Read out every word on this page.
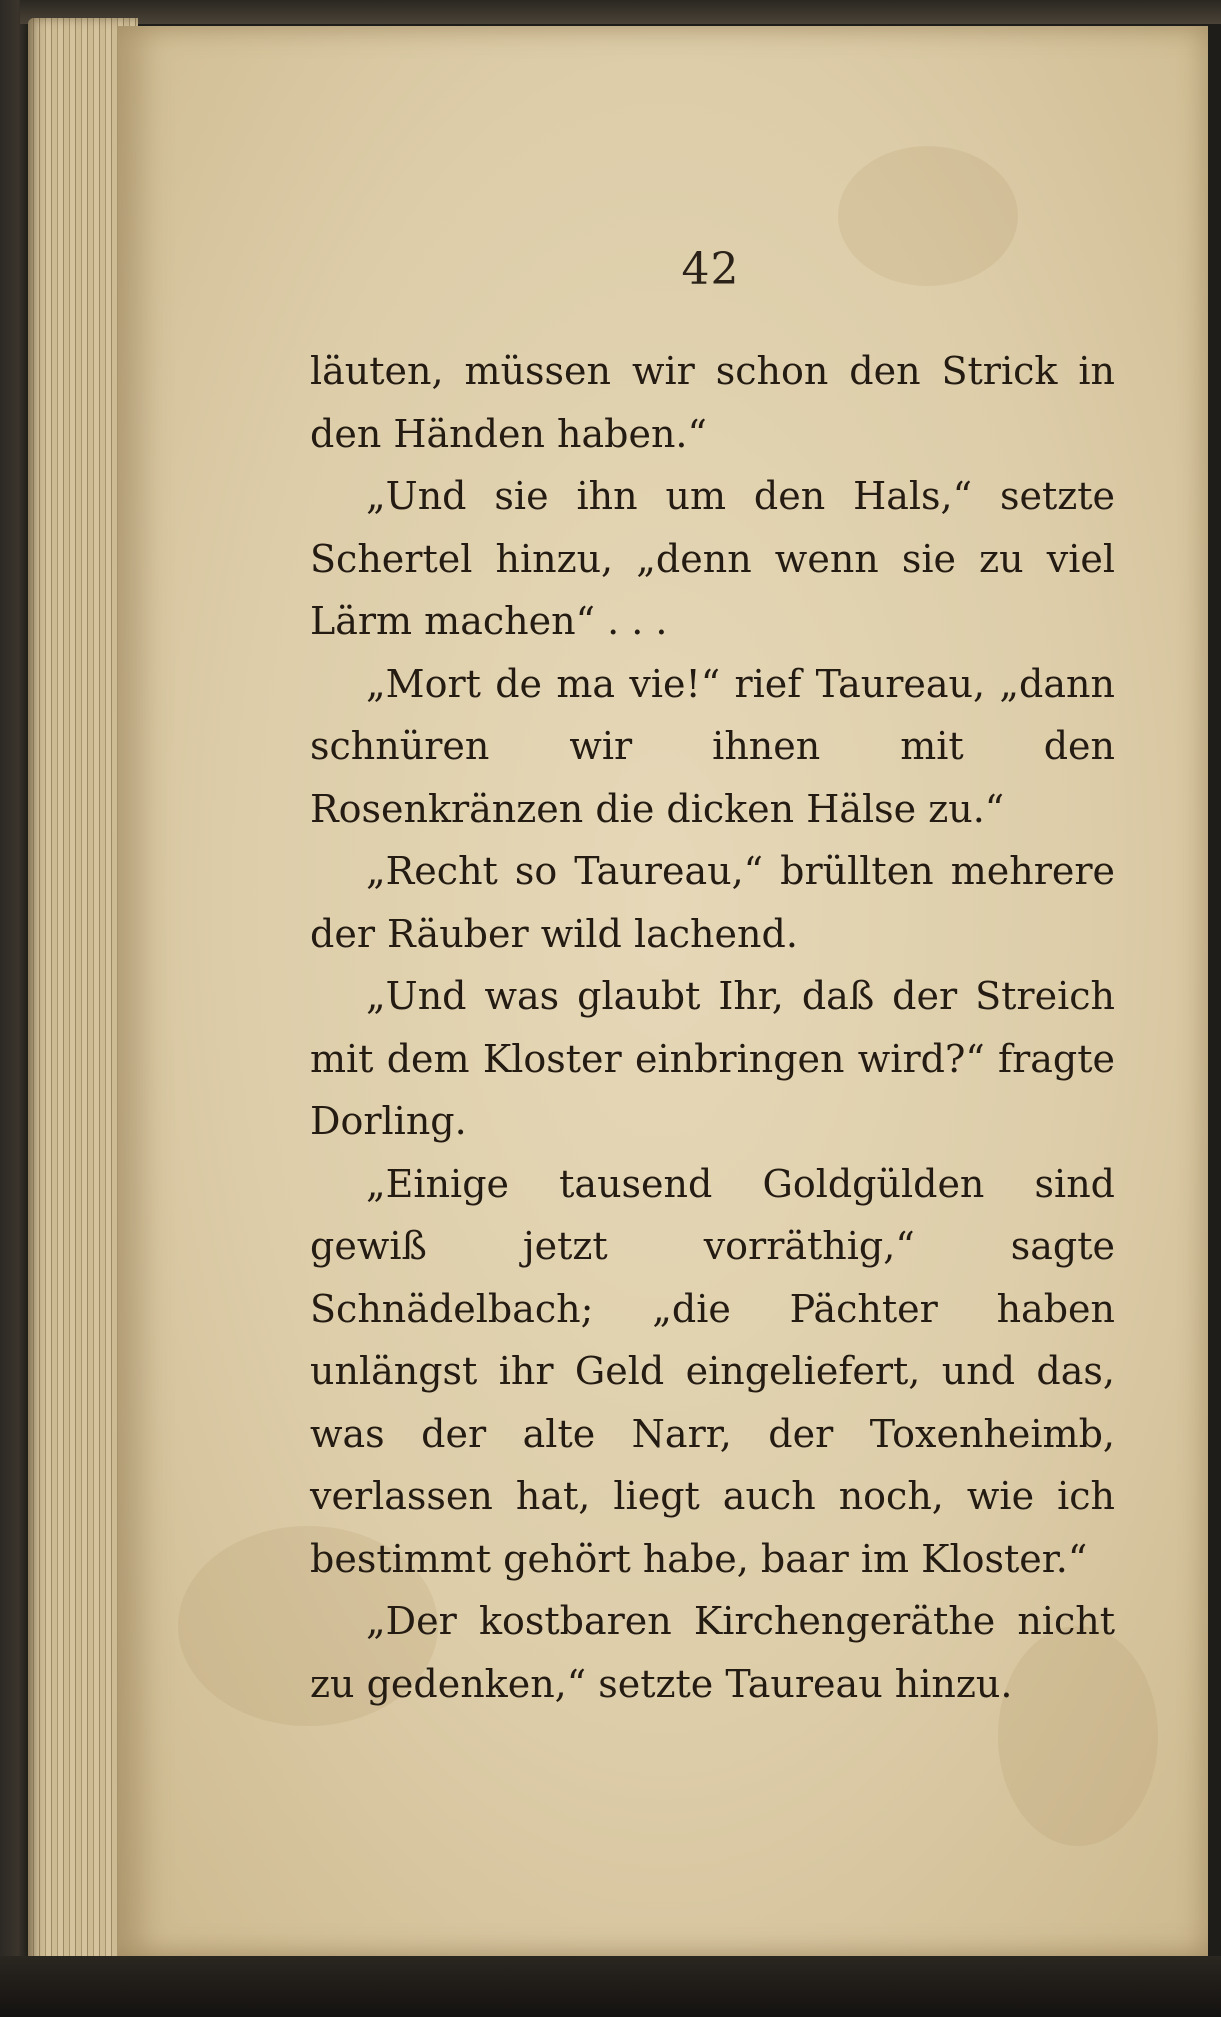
42

läuten, müssen wir schon den Strick in den Händen haben.“

„Und sie ihn um den Hals,“ setzte Schertel hinzu, „denn wenn sie zu viel Lärm machen“ . . .

„Mort de ma vie!“ rief Taureau, „dann schnüren wir ihnen mit den Rosenkränzen die dicken Hälse zu.“

„Recht so Taureau,“ brüllten mehrere der Räuber wild lachend.

„Und was glaubt Ihr, daß der Streich mit dem Kloster einbringen wird?“ fragte Dorling.

„Einige tausend Goldgülden sind gewiß jetzt vorräthig,“ sagte Schnädelbach; „die Pächter haben unlängst ihr Geld eingeliefert, und das, was der alte Narr, der Toxenheimb, verlassen hat, liegt auch noch, wie ich bestimmt gehört habe, baar im Kloster.“

„Der kostbaren Kirchengeräthe nicht zu gedenken,“ setzte Taureau hinzu.
